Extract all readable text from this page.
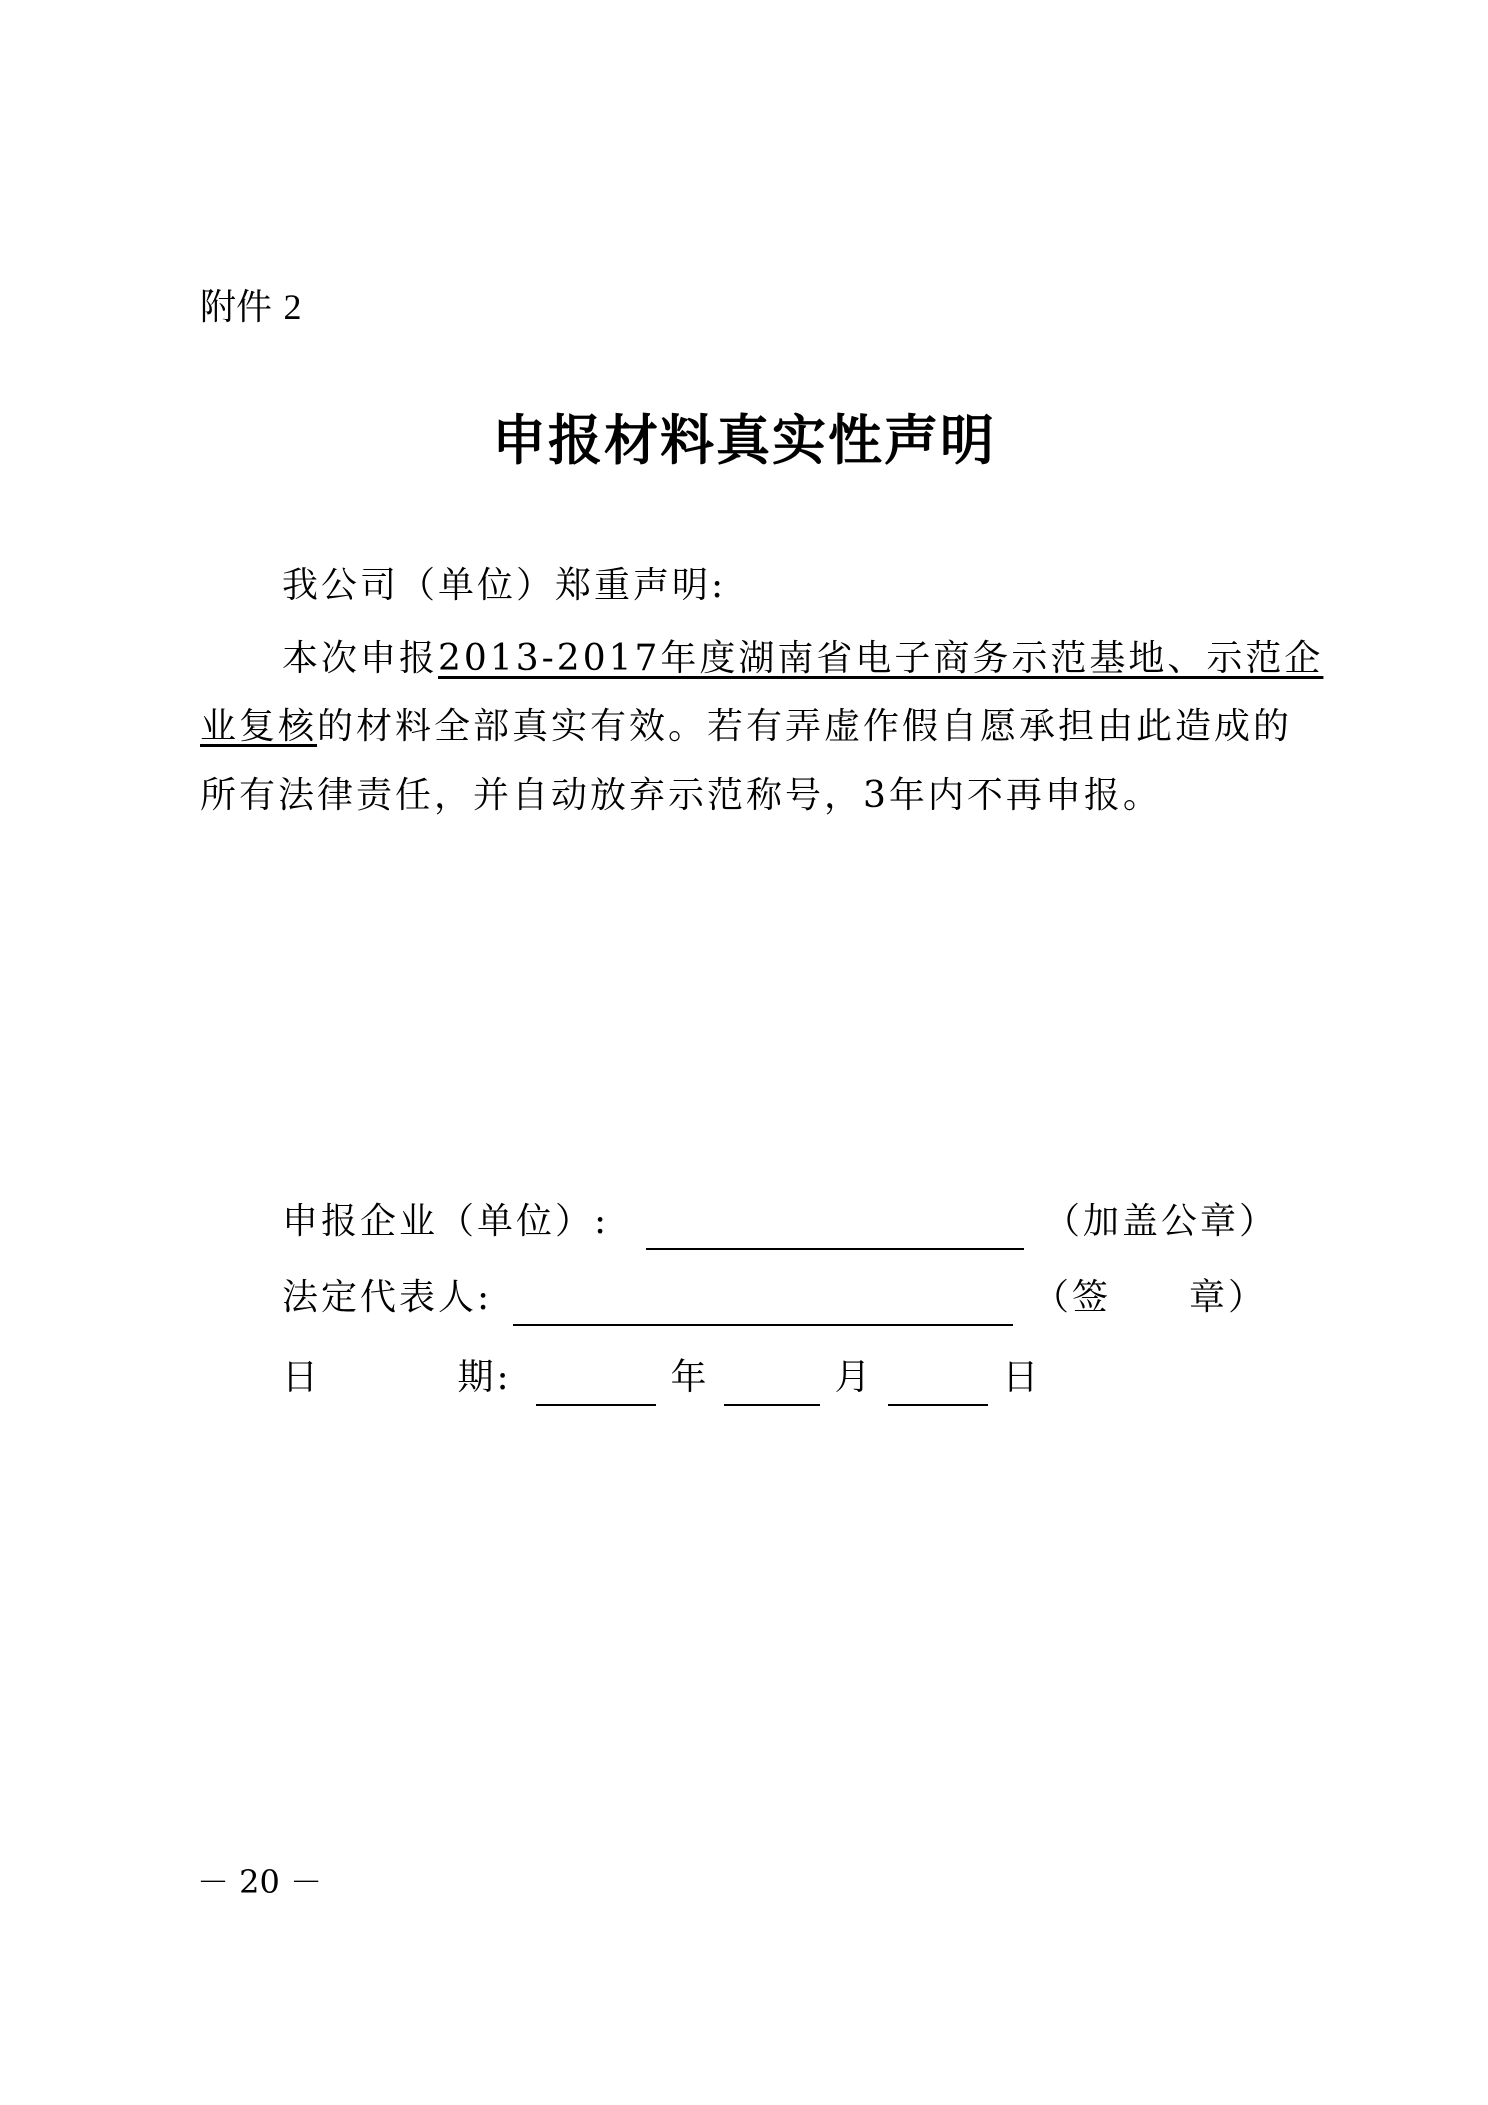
附件 2
申报材料真实性声明
我公司（单位）郑重声明:
本次申报2013-2017年度湖南省电子商务示范基地、示范企
业复核的材料全部真实有效。若有弄虚作假自愿承担由此造成的
所有法律责任，并自动放弃示范称号，3年内不再申报。
申报企业（单位）:	（加盖公章）
法定代表人:	（签　　章）
日	期:	年	月	日
－ 20 －
